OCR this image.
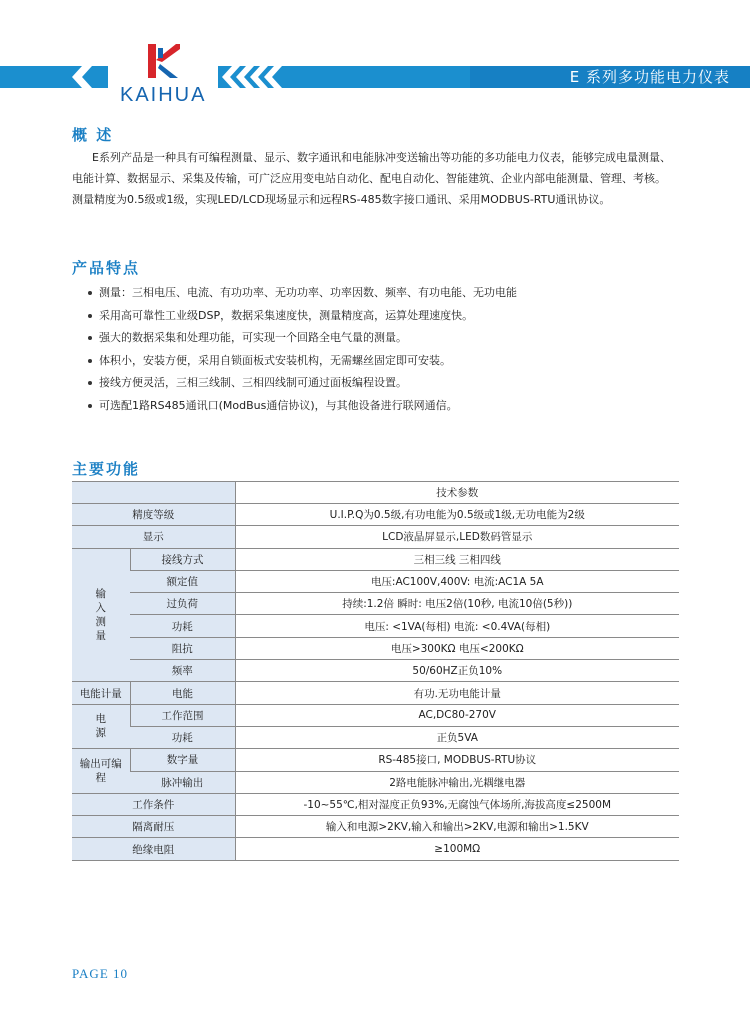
E 系列多功能电力仪表
KAIHUA
概 述
E系列产品是一种具有可编程测量、显示、数字通讯和电能脉冲变送输出等功能的多功能电力仪表，能够完成电量测量、
电能计算、数据显示、采集及传输，可广泛应用变电站自动化、配电自动化、智能建筑、企业内部电能测量、管理、考核。
测量精度为0.5级或1级，实现LED/LCD现场显示和远程RS-485数字接口通讯、采用MODBUS-RTU通讯协议。
产品特点
测量：三相电压、电流、有功功率、无功功率、功率因数、频率、有功电能、无功电能
采用高可靠性工业级DSP，数据采集速度快，测量精度高，运算处理速度快。
强大的数据采集和处理功能，可实现一个回路全电气量的测量。
体积小，安装方便，采用自锁面板式安装机构，无需螺丝固定即可安装。
接线方便灵活，三相三线制、三相四线制可通过面板编程设置。
可选配1路RS485通讯口(ModBus通信协议)，与其他设备进行联网通信。
主要功能
		技术参数
精度等级		U.I.P.Q为0.5级,有功电能为0.5级或1级,无功电能为2级
显示		LCD液晶屏显示,LED数码管显示

输入测量	接线方式	三相三线 三相四线
	额定值	电压:AC100V,400V: 电流:AC1A 5A
	过负荷	持续:1.2倍 瞬时: 电压2倍(10秒, 电流10倍(5秒))
	功耗	电压: <1VA(每相) 电流: <0.4VA(每相)
	阻抗	电压>300KΩ 电压<200KΩ
	频率	50/60HZ正负10%
电能计量	电能	有功.无功电能计量

电源	工作范围	AC,DC80-270V
	功耗	正负5VA

输出可编程	数字量	RS-485接口, MODBUS-RTU协议
	脉冲输出	2路电能脉冲输出,光耦继电器
工作条件		-10~55℃,相对湿度正负93%,无腐蚀气体场所,海拔高度≤2500M
隔离耐压		输入和电源>2KV,输入和输出>2KV,电源和输出>1.5KV
绝缘电阻		≥100MΩ
PAGE 10
